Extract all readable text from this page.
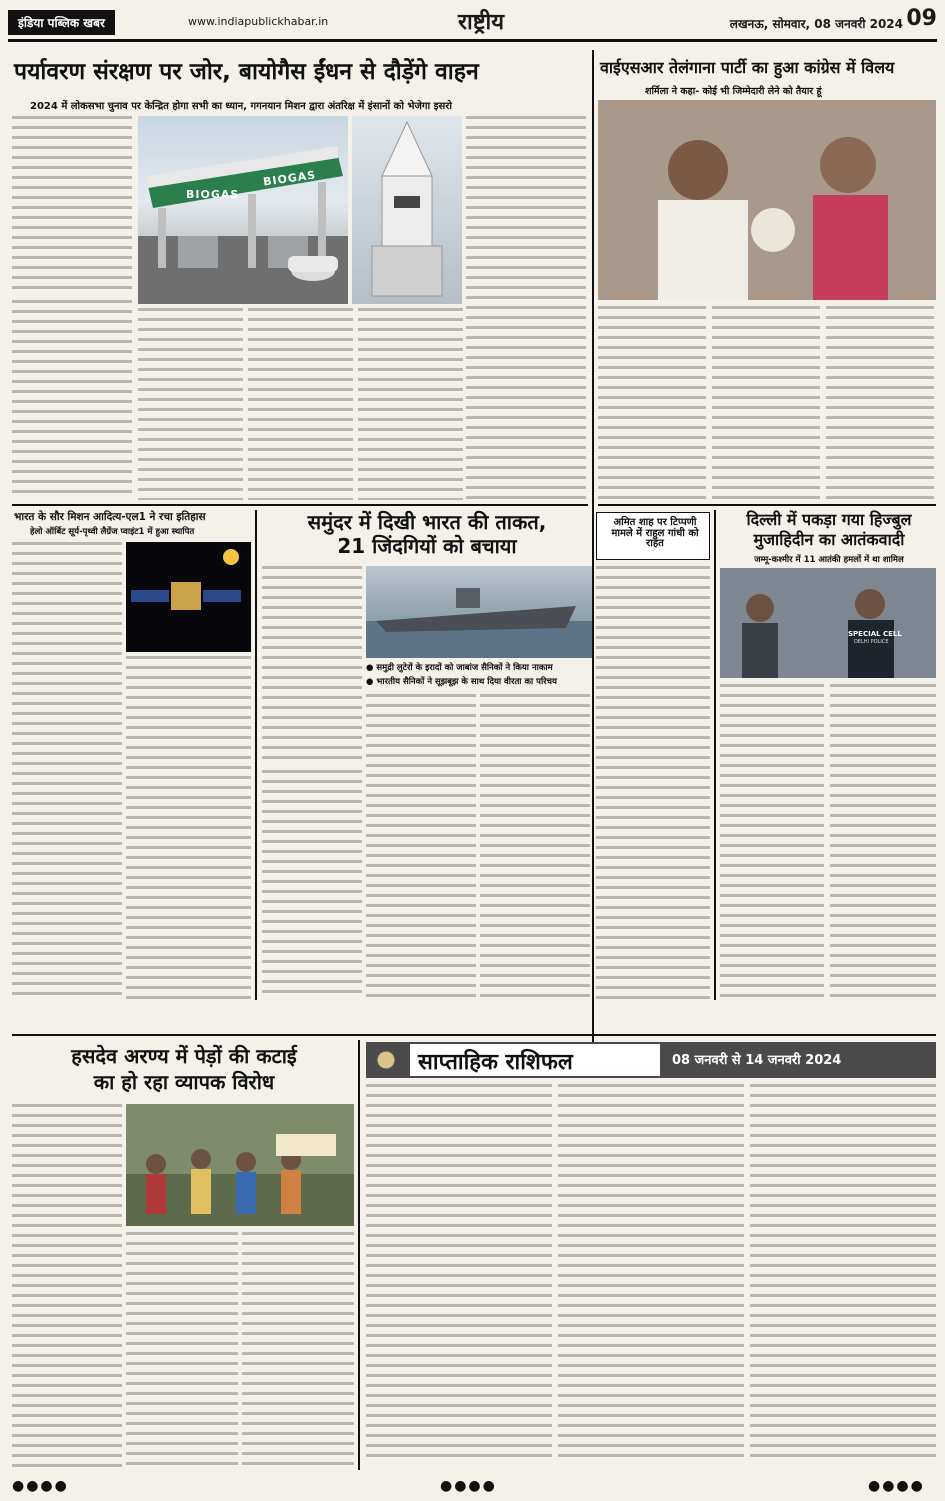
इंडिया पब्लिक खबर	www.indiapublickhabar.in	राष्ट्रीय	लखनऊ, सोमवार, 08 जनवरी 2024 09
पर्यावरण संरक्षण पर जोर, बायोगैस ईंधन से दौड़ेंगे वाहन
2024 में लोकसभा चुनाव पर केन्द्रित होगा सभी का ध्यान, गगनयान मिशन द्वारा अंतरिक्ष में इंसानों को भेजेगा इसरो
BIOGAS
BIOGAS
वाईएसआर तेलंगाना पार्टी का हुआ कांग्रेस में विलय
शर्मिला ने कहा- कोई भी जिम्मेदारी लेने को तैयार हूं
भारत के सौर मिशन आदित्य-एल1 ने रचा इतिहास
हेलो ऑर्बिट सूर्य-पृथ्वी लैग्रेंज प्वाइंट1 में हुआ स्थापित	समुंदर में दिखी भारत की ताकत,
21 जिंदगियों को बचाया
● समुद्री लुटेरों के इरादों को जाबांज सैनिकों ने किया नाकाम
● भारतीय सैनिकों ने सूझबूझ के साथ दिया वीरता का परिचय
अमित शाह पर टिप्पणी मामले में राहुल गांधी को राहत
दिल्ली में पकड़ा गया हिज्बुल
मुजाहिदीन का आतंकवादी
जम्मू-कश्मीर में 11 आतंकी हमलों में था शामिल
SPECIAL CELL
DELHI POLICE
हसदेव अरण्य में पेड़ों की कटाई
का हो रहा व्यापक विरोध
साप्ताहिक राशिफल	08 जनवरी से 14 जनवरी 2024
●●●●	●●●●	●●●●
